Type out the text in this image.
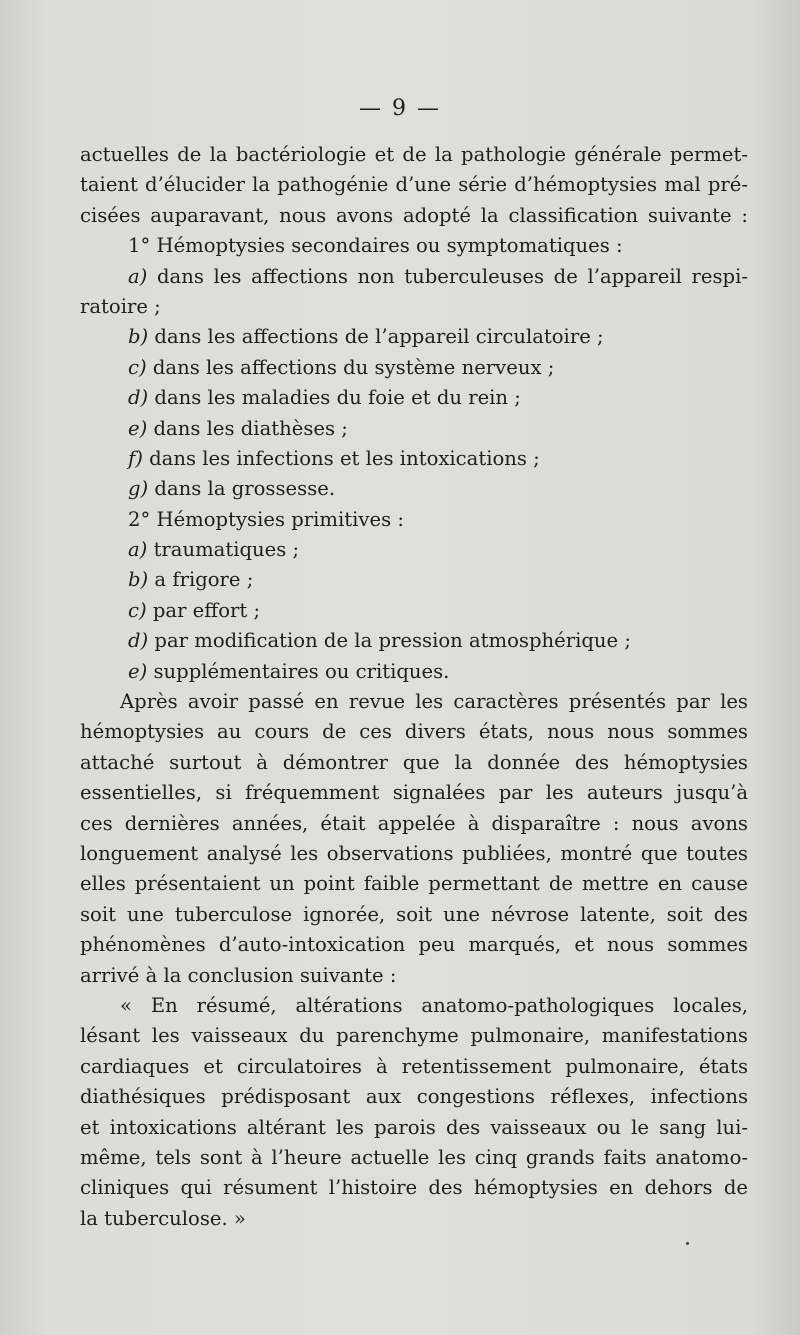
— 9 —
actuelles de la bactériologie et de la pathologie générale permet-
taient d’élucider la pathogénie d’une série d’hémoptysies mal pré-
cisées auparavant, nous avons adopté la classification suivante :
1° Hémoptysies secondaires ou symptomatiques :
a) dans les affections non tuberculeuses de l’appareil respi-
ratoire ;
b) dans les affections de l’appareil circulatoire ;
c) dans les affections du système nerveux ;
d) dans les maladies du foie et du rein ;
e) dans les diathèses ;
f) dans les infections et les intoxications ;
g) dans la grossesse.
2° Hémoptysies primitives :
a) traumatiques ;
b) a frigore ;
c) par effort ;
d) par modification de la pression atmosphérique ;
e) supplémentaires ou critiques.
Après avoir passé en revue les caractères présentés par les
hémoptysies au cours de ces divers états, nous nous sommes
attaché surtout à démontrer que la donnée des hémoptysies
essentielles, si fréquemment signalées par les auteurs jusqu’à
ces dernières années, était appelée à disparaître : nous avons
longuement analysé les observations publiées, montré que toutes
elles présentaient un point faible permettant de mettre en cause
soit une tuberculose ignorée, soit une névrose latente, soit des
phénomènes d’auto-intoxication peu marqués, et nous sommes
arrivé à la conclusion suivante :
« En résumé, altérations anatomo-pathologiques locales,
lésant les vaisseaux du parenchyme pulmonaire, manifestations
cardiaques et circulatoires à retentissement pulmonaire, états
diathésiques prédisposant aux congestions réflexes, infections
et intoxications altérant les parois des vaisseaux ou le sang lui-
même, tels sont à l’heure actuelle les cinq grands faits anatomo-
cliniques qui résument l’histoire des hémoptysies en dehors de
la tuberculose. »
